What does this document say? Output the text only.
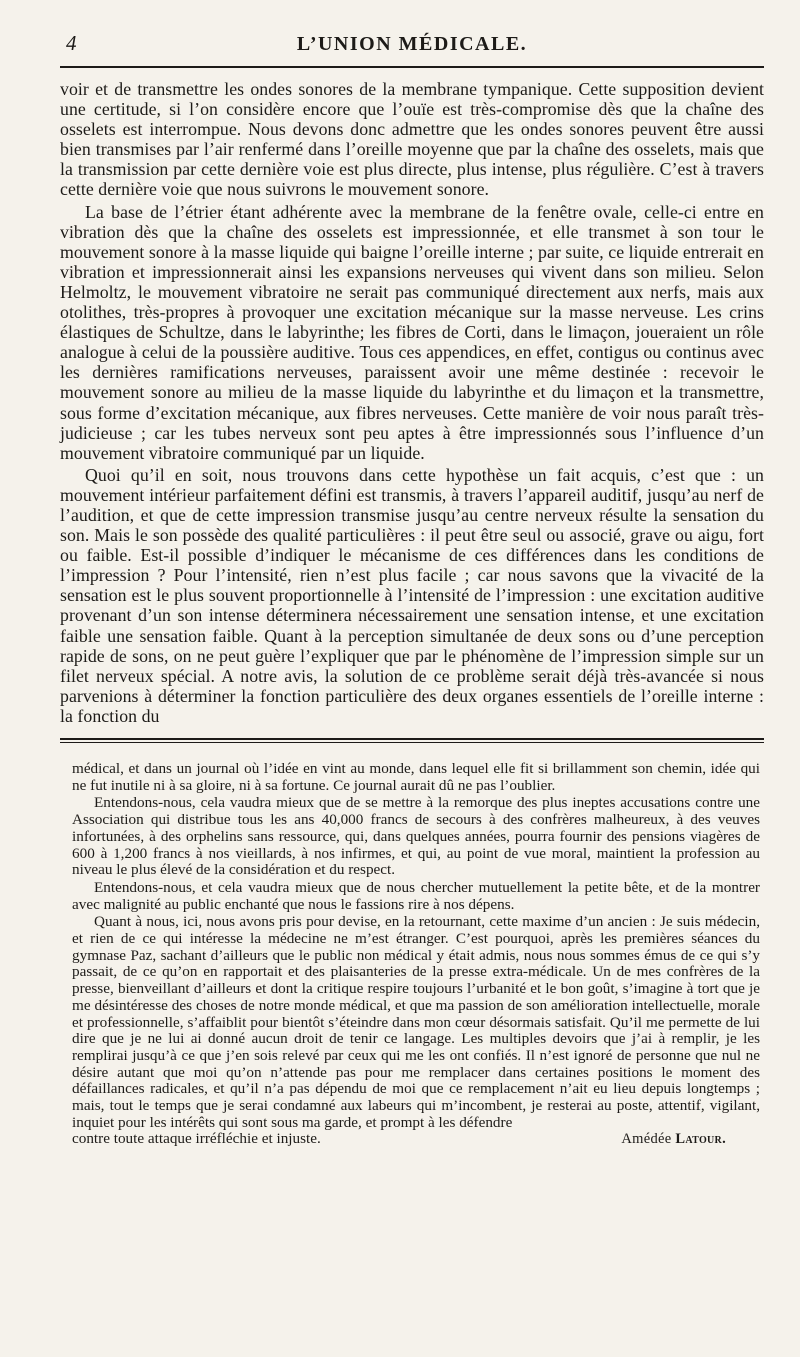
4	L’UNION MÉDICALE.

voir et de transmettre les ondes sonores de la membrane tympanique. Cette supposition devient une certitude, si l’on considère encore que l’ouïe est très-compromise dès que la chaîne des osselets est interrompue. Nous devons donc admettre que les ondes sonores peuvent être aussi bien transmises par l’air renfermé dans l’oreille moyenne que par la chaîne des osselets, mais que la transmission par cette dernière voie est plus directe, plus intense, plus régulière. C’est à travers cette dernière voie que nous suivrons le mouvement sonore.

La base de l’étrier étant adhérente avec la membrane de la fenêtre ovale, celle-ci entre en vibration dès que la chaîne des osselets est impressionnée, et elle transmet à son tour le mouvement sonore à la masse liquide qui baigne l’oreille interne ; par suite, ce liquide entrerait en vibration et impressionnerait ainsi les expansions nerveuses qui vivent dans son milieu. Selon Helmoltz, le mouvement vibratoire ne serait pas communiqué directement aux nerfs, mais aux otolithes, très-propres à provoquer une excitation mécanique sur la masse nerveuse. Les crins élastiques de Schultze, dans le labyrinthe; les fibres de Corti, dans le limaçon, joueraient un rôle analogue à celui de la poussière auditive. Tous ces appendices, en effet, contigus ou continus avec les dernières ramifications nerveuses, paraissent avoir une même destinée : recevoir le mouvement sonore au milieu de la masse liquide du labyrinthe et du limaçon et la transmettre, sous forme d’excitation mécanique, aux fibres nerveuses. Cette manière de voir nous paraît très-judicieuse ; car les tubes nerveux sont peu aptes à être impressionnés sous l’influence d’un mouvement vibratoire communiqué par un liquide.

Quoi qu’il en soit, nous trouvons dans cette hypothèse un fait acquis, c’est que : un mouvement intérieur parfaitement défini est transmis, à travers l’appareil auditif, jusqu’au nerf de l’audition, et que de cette impression transmise jusqu’au centre nerveux résulte la sensation du son. Mais le son possède des qualité particulières : il peut être seul ou associé, grave ou aigu, fort ou faible. Est-il possible d’indiquer le mécanisme de ces différences dans les conditions de l’impression ? Pour l’intensité, rien n’est plus facile ; car nous savons que la vivacité de la sensation est le plus souvent proportionnelle à l’intensité de l’impression : une excitation auditive provenant d’un son intense déterminera nécessairement une sensation intense, et une excitation faible une sensation faible. Quant à la perception simultanée de deux sons ou d’une perception rapide de sons, on ne peut guère l’expliquer que par le phénomène de l’impression simple sur un filet nerveux spécial. A notre avis, la solution de ce problème serait déjà très-avancée si nous parvenions à déterminer la fonction particulière des deux organes essentiels de l’oreille interne : la fonction du

médical, et dans un journal où l’idée en vint au monde, dans lequel elle fit si brillamment son chemin, idée qui ne fut inutile ni à sa gloire, ni à sa fortune. Ce journal aurait dû ne pas l’oublier.

Entendons-nous, cela vaudra mieux que de se mettre à la remorque des plus ineptes accusations contre une Association qui distribue tous les ans 40,000 francs de secours à des confrères malheureux, à des veuves infortunées, à des orphelins sans ressource, qui, dans quelques années, pourra fournir des pensions viagères de 600 à 1,200 francs à nos vieillards, à nos infirmes, et qui, au point de vue moral, maintient la profession au niveau le plus élevé de la considération et du respect.

Entendons-nous, et cela vaudra mieux que de nous chercher mutuellement la petite bête, et de la montrer avec malignité au public enchanté que nous le fassions rire à nos dépens.

Quant à nous, ici, nous avons pris pour devise, en la retournant, cette maxime d’un ancien : Je suis médecin, et rien de ce qui intéresse la médecine ne m’est étranger. C’est pourquoi, après les premières séances du gymnase Paz, sachant d’ailleurs que le public non médical y était admis, nous nous sommes émus de ce qui s’y passait, de ce qu’on en rapportait et des plaisanteries de la presse extra-médicale. Un de mes confrères de la presse, bienveillant d’ailleurs et dont la critique respire toujours l’urbanité et le bon goût, s’imagine à tort que je me désintéresse des choses de notre monde médical, et que ma passion de son amélioration intellectuelle, morale et professionnelle, s’affaiblit pour bientôt s’éteindre dans mon cœur désormais satisfait. Qu’il me permette de lui dire que je ne lui ai donné aucun droit de tenir ce langage. Les multiples devoirs que j’ai à remplir, je les remplirai jusqu’à ce que j’en sois relevé par ceux qui me les ont confiés. Il n’est ignoré de personne que nul ne désire autant que moi qu’on n’attende pas pour me remplacer dans certaines positions le moment des défaillances radicales, et qu’il n’a pas dépendu de moi que ce remplacement n’ait eu lieu depuis longtemps ; mais, tout le temps que je serai condamné aux labeurs qui m’incombent, je resterai au poste, attentif, vigilant, inquiet pour les intérêts qui sont sous ma garde, et prompt à les défendre

contre toute attaque irréfléchie et injuste.	Amédée Latour.
